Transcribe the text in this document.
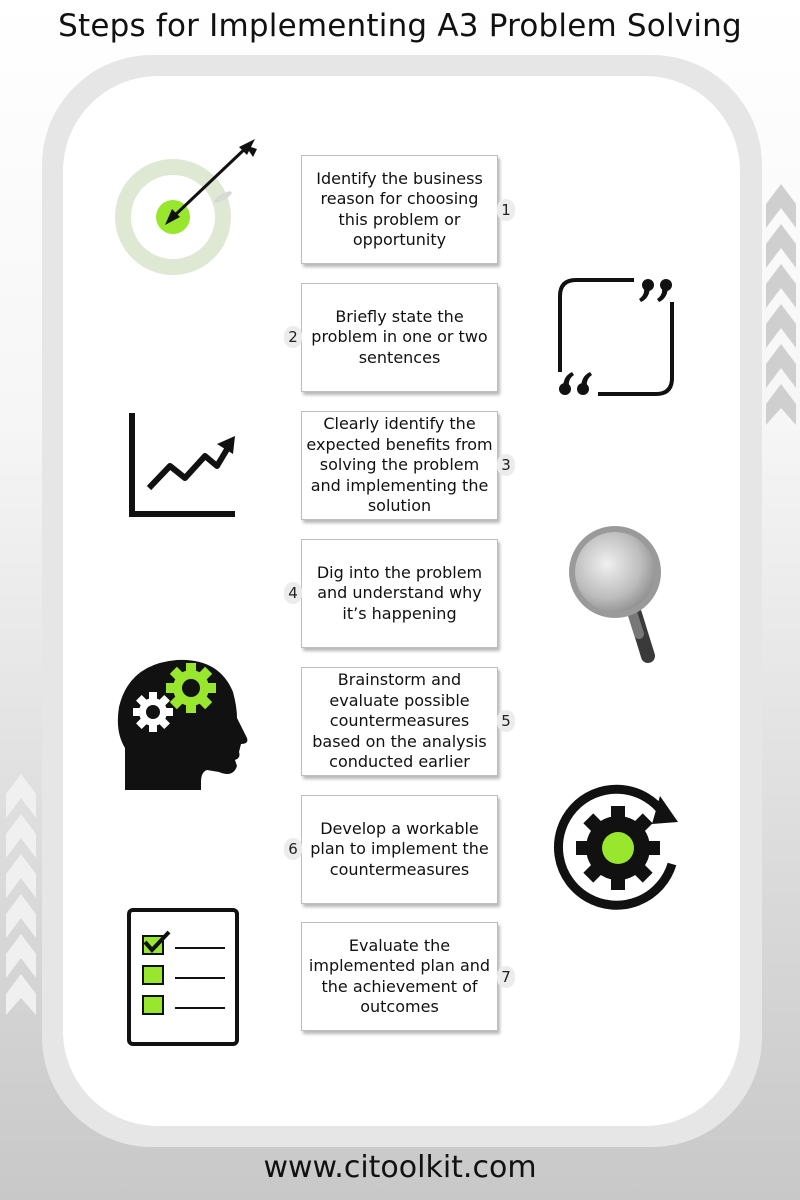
Steps for Implementing A3 Problem Solving
Identify the business reason for choosing this problem or opportunity
1
Briefly state the problem in one or two sentences
2
Clearly identify the expected benefits from solving the problem and implementing the solution
3
Dig into the problem and understand why it’s happening
4
Brainstorm and evaluate possible countermeasures based on the analysis conducted earlier
5
Develop a workable plan to implement the countermeasures
6
Evaluate the implemented plan and the achievement of outcomes
7
www.citoolkit.com
